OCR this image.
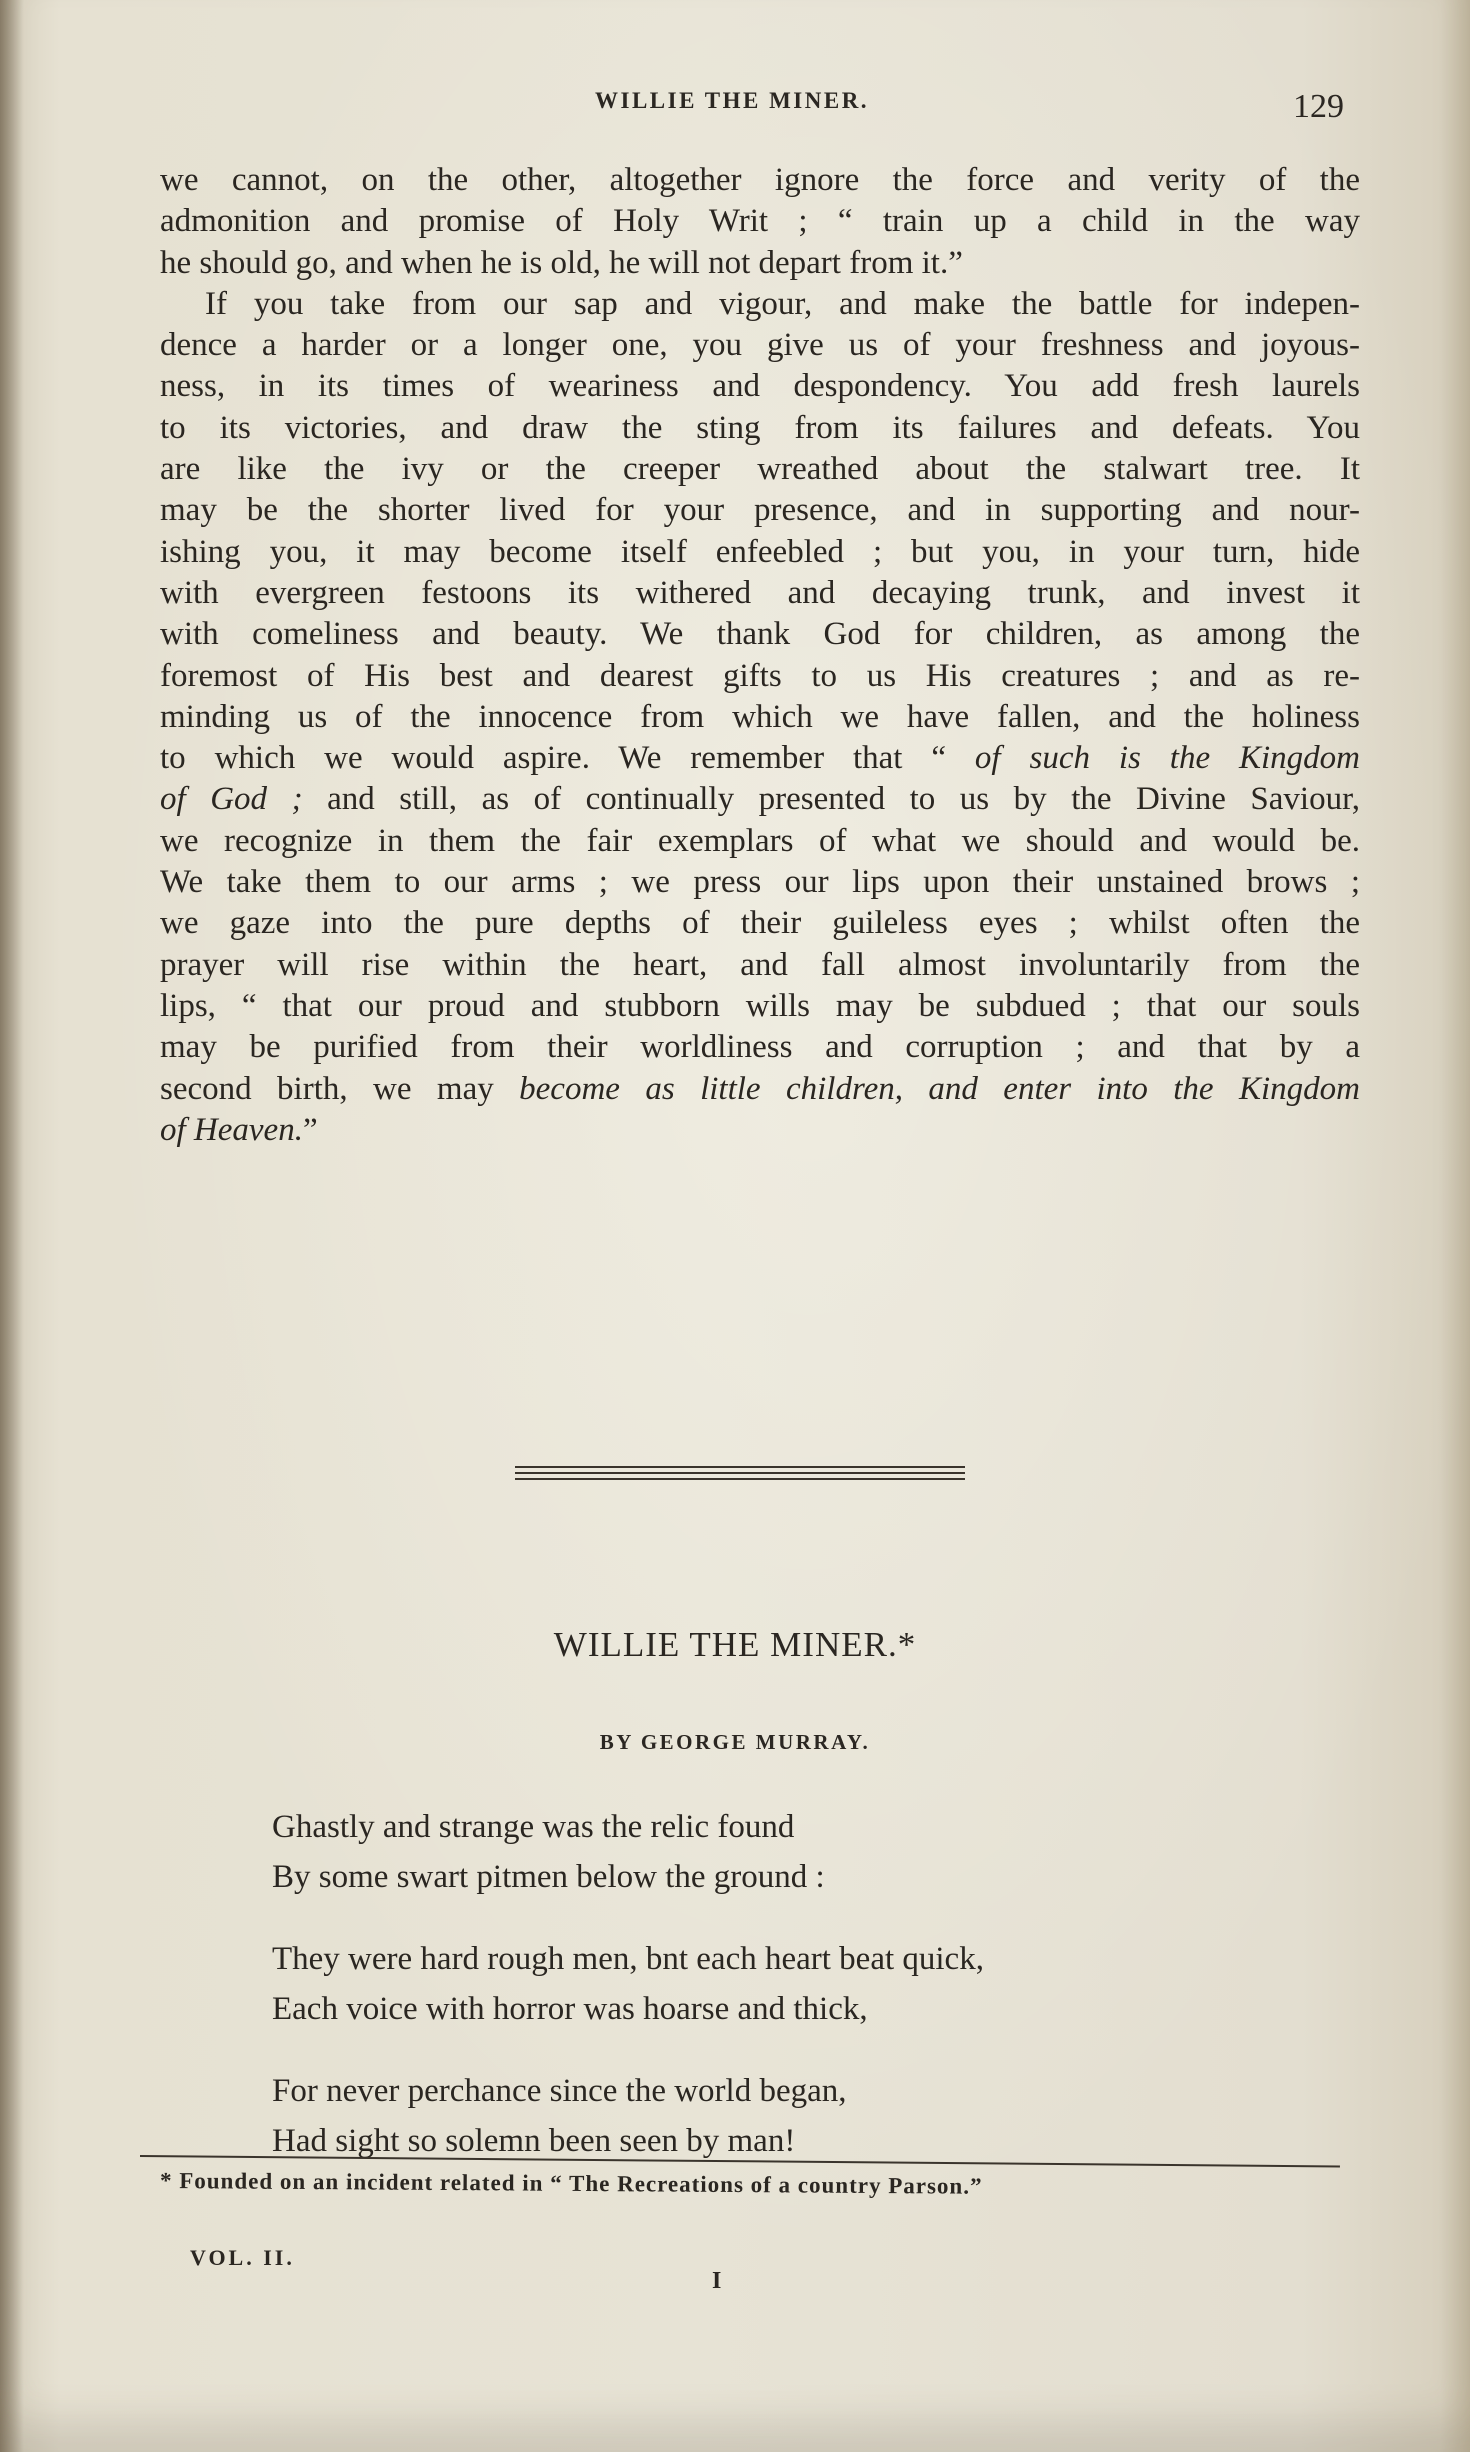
WILLIE THE MINER.	129
we cannot, on the other, altogether ignore the force and verity of the
admonition and promise of Holy Writ ; “ train up a child in the way
he should go, and when he is old, he will not depart from it.”
If you take from our sap and vigour, and make the battle for indepen-
dence a harder or a longer one, you give us of your freshness and joyous-
ness, in its times of weariness and despondency. You add fresh laurels
to its victories, and draw the sting from its failures and defeats. You
are like the ivy or the creeper wreathed about the stalwart tree. It
may be the shorter lived for your presence, and in supporting and nour-
ishing you, it may become itself enfeebled ; but you, in your turn, hide
with evergreen festoons its withered and decaying trunk, and invest it
with comeliness and beauty. We thank God for children, as among the
foremost of His best and dearest gifts to us His creatures ; and as re-
minding us of the innocence from which we have fallen, and the holiness
to which we would aspire. We remember that “ of such is the Kingdom
of God ; and still, as of continually presented to us by the Divine Saviour,
we recognize in them the fair exemplars of what we should and would be.
We take them to our arms ; we press our lips upon their unstained brows ;
we gaze into the pure depths of their guileless eyes ; whilst often the
prayer will rise within the heart, and fall almost involuntarily from the
lips, “ that our proud and stubborn wills may be subdued ; that our souls
may be purified from their worldliness and corruption ; and that by a
second birth, we may become as little children, and enter into the Kingdom
of Heaven.”
WILLIE THE MINER.*
BY GEORGE MURRAY.
Ghastly and strange was the relic found
By some swart pitmen below the ground :
They were hard rough men, bnt each heart beat quick,
Each voice with horror was hoarse and thick,
For never perchance since the world began,
Had sight so solemn been seen by man!
* Founded on an incident related in “ The Recreations of a country Parson.”
VOL. II.
I
